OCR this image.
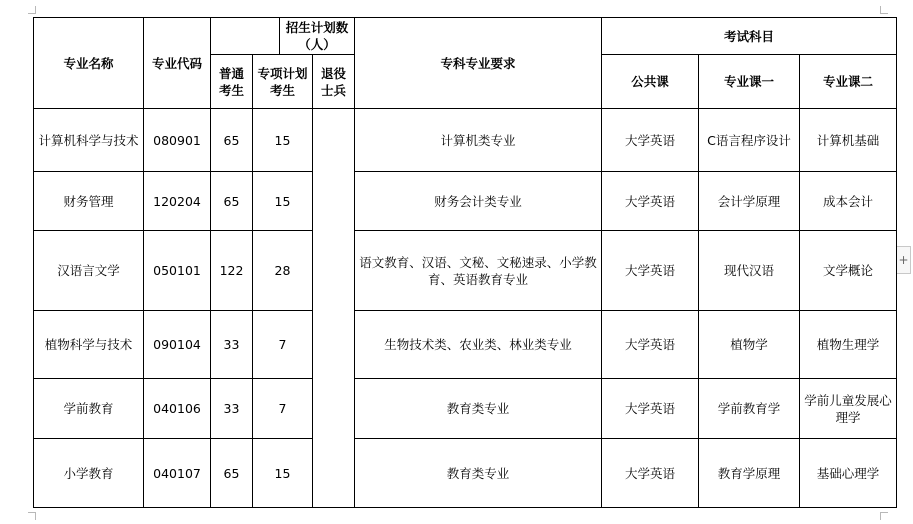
+
专业名称	专业代码	招生计划数（人）			专科专业要求	考试科目		
		普通考生	专项计划考生	退役士兵		公共课	专业课一	专业课二
计算机科学与技术	080901	65	15		计算机类专业	大学英语	C语言程序设计	计算机基础
财务管理	120204	65	15		财务会计类专业	大学英语	会计学原理	成本会计
汉语言文学	050101	122	28		语文教育、汉语、文秘、文秘速录、小学教育、英语教育专业	大学英语	现代汉语	文学概论
植物科学与技术	090104	33	7		生物技术类、农业类、林业类专业	大学英语	植物学	植物生理学
学前教育	040106	33	7		教育类专业	大学英语	学前教育学	学前儿童发展心理学
小学教育	040107	65	15		教育类专业	大学英语	教育学原理	基础心理学
